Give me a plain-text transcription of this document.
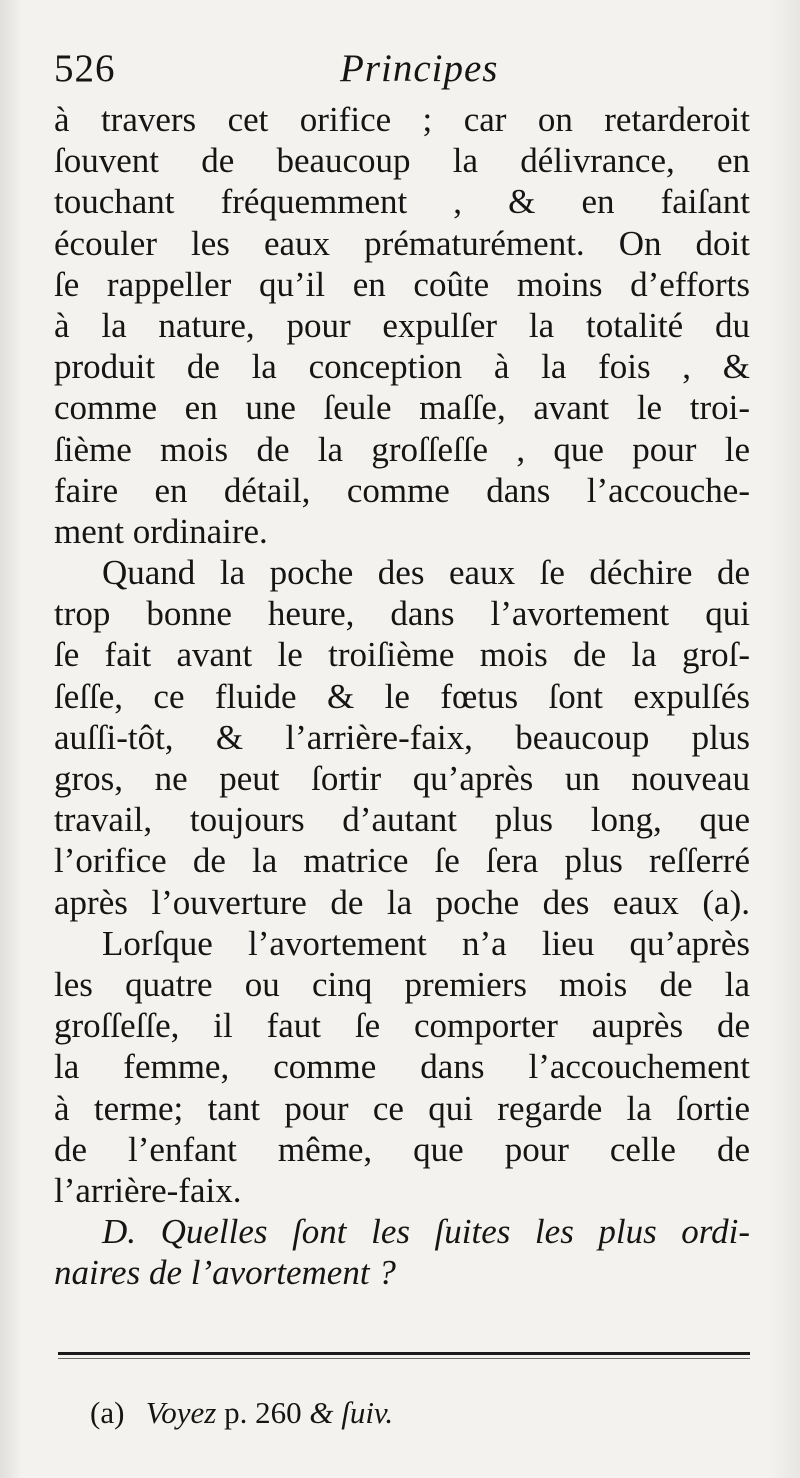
526	Principes
à travers cet orifice ; car on retarderoit
ſouvent de beaucoup la délivrance, en
touchant fréquemment , & en faiſant
écouler les eaux prématurément. On doit
ſe rappeller qu’il en coûte moins d’efforts
à la nature, pour expulſer la totalité du
produit de la conception à la fois , &
comme en une ſeule maſſe, avant le troi-
ſième mois de la groſſeſſe , que pour le
faire en détail, comme dans l’accouche-
ment ordinaire.
Quand la poche des eaux ſe déchire de
trop bonne heure, dans l’avortement qui
ſe fait avant le troiſième mois de la groſ-
ſeſſe, ce fluide & le fœtus ſont expulſés
auſſi-tôt, & l’arrière-faix, beaucoup plus
gros, ne peut ſortir qu’après un nouveau
travail, toujours d’autant plus long, que
l’orifice de la matrice ſe ſera plus reſſerré
après l’ouverture de la poche des eaux (a).
Lorſque l’avortement n’a lieu qu’après
les quatre ou cinq premiers mois de la
groſſeſſe, il faut ſe comporter auprès de
la femme, comme dans l’accouchement
à terme; tant pour ce qui regarde la ſortie
de l’enfant même, que pour celle de
l’arrière-faix.
D. Quelles ſont les ſuites les plus ordi-
naires de l’avortement ?
(a) Voyez p. 260 & ſuiv.
